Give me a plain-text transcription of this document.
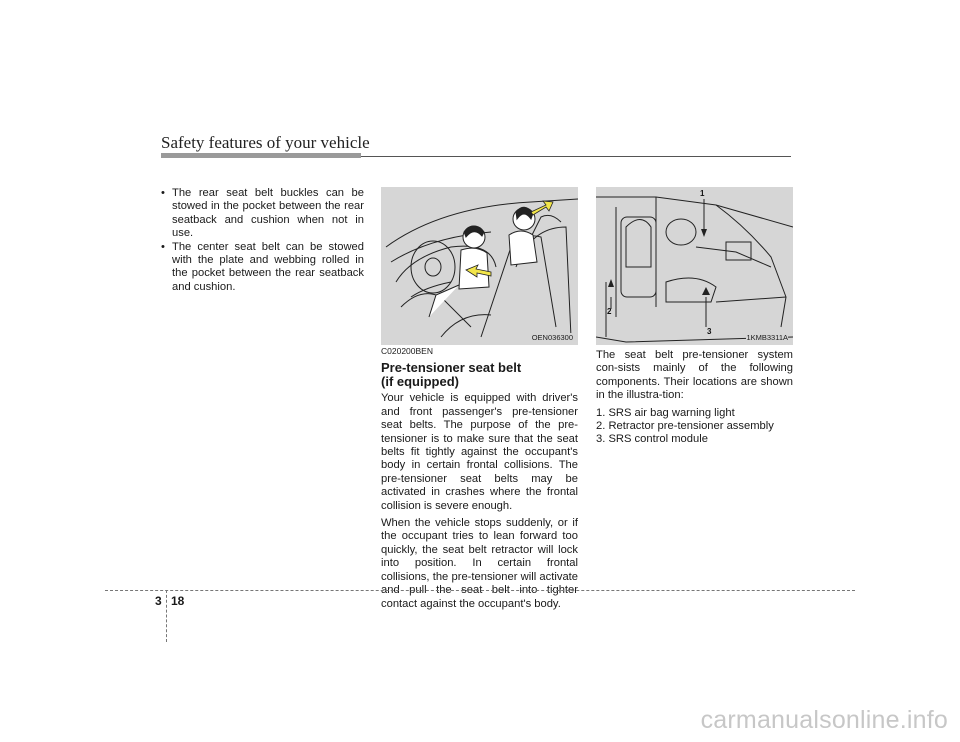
Safety features of your vehicle
• The rear seat belt buckles can be stowed in the pocket between the rear seatback and cushion when not in use.
• The center seat belt can be stowed with the plate and webbing rolled in the pocket between the rear seatback and cushion.
OEN036300
1
2
3
1KMB3311A
C020200BEN
Pre-tensioner seat belt
(if equipped)

Your vehicle is equipped with driver's and front passenger's pre-tensioner seat belts. The purpose of the pre-tensioner is to make sure that the seat belts fit tightly against the occupant's body in certain frontal collisions. The pre-tensioner seat belts may be activated in crashes where the frontal collision is severe enough.

When the vehicle stops suddenly, or if the occupant tries to lean forward too quickly, the seat belt retractor will lock into position. In certain frontal collisions, the pre-tensioner will activate and pull the seat belt into tighter contact against the occupant's body.

The seat belt pre-tensioner system con-sists mainly of the following components. Their locations are shown in the illustra-tion:

1. SRS air bag warning light

2. Retractor pre-tensioner assembly

3. SRS control module

3 18
carmanualsonline.info
